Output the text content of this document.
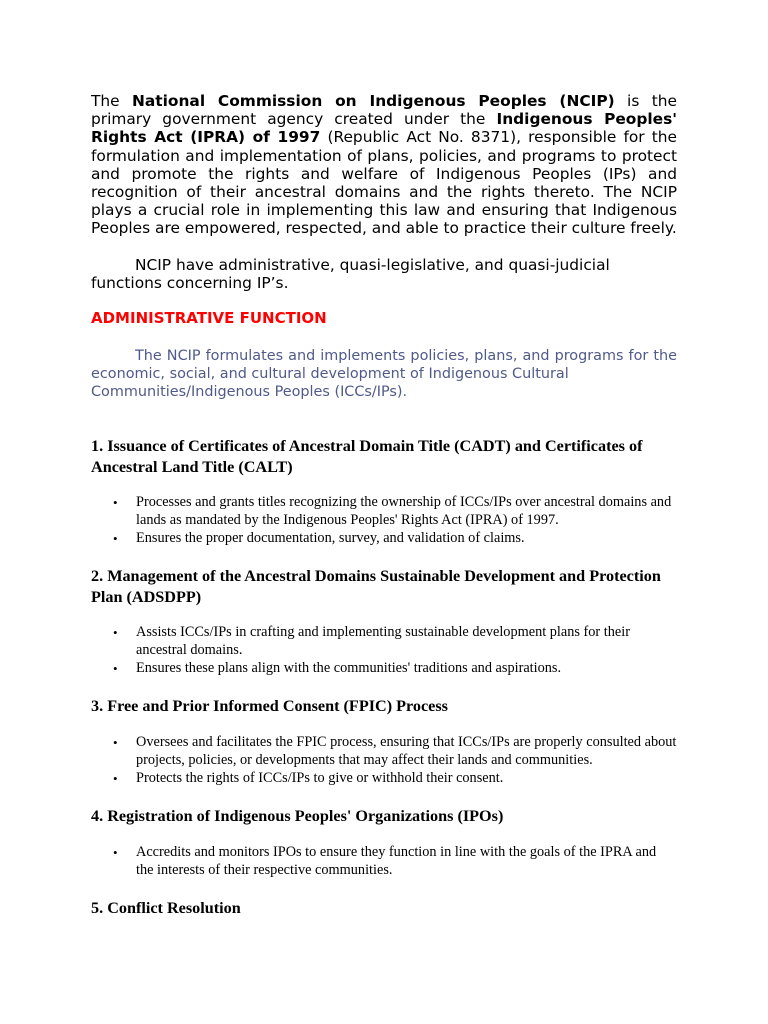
The National Commission on Indigenous Peoples (NCIP) is the primary government agency created under the Indigenous Peoples' Rights Act (IPRA) of 1997 (Republic Act No. 8371), responsible for the formulation and implementation of plans, policies, and programs to protect and promote the rights and welfare of Indigenous Peoples (IPs) and recognition of their ancestral domains and the rights thereto. The NCIP plays a crucial role in implementing this law and ensuring that Indigenous Peoples are empowered, respected, and able to practice their culture freely.

NCIP have administrative, quasi-legislative, and quasi-judicial functions concerning IP’s.

ADMINISTRATIVE FUNCTION

The NCIP formulates and implements policies, plans, and programs for the economic, social, and cultural development of Indigenous Cultural
Communities/Indigenous Peoples (ICCs/IPs).

1. Issuance of Certificates of Ancestral Domain Title (CADT) and Certificates of Ancestral Land Title (CALT)
• Processes and grants titles recognizing the ownership of ICCs/IPs over ancestral domains and lands as mandated by the Indigenous Peoples' Rights Act (IPRA) of 1997.
• Ensures the proper documentation, survey, and validation of claims.
2. Management of the Ancestral Domains Sustainable Development and Protection Plan (ADSDPP)
• Assists ICCs/IPs in crafting and implementing sustainable development plans for their ancestral domains.
• Ensures these plans align with the communities' traditions and aspirations.
3. Free and Prior Informed Consent (FPIC) Process
• Oversees and facilitates the FPIC process, ensuring that ICCs/IPs are properly consulted about projects, policies, or developments that may affect their lands and communities.
• Protects the rights of ICCs/IPs to give or withhold their consent.
4. Registration of Indigenous Peoples' Organizations (IPOs)
• Accredits and monitors IPOs to ensure they function in line with the goals of the IPRA and the interests of their respective communities.
5. Conflict Resolution
